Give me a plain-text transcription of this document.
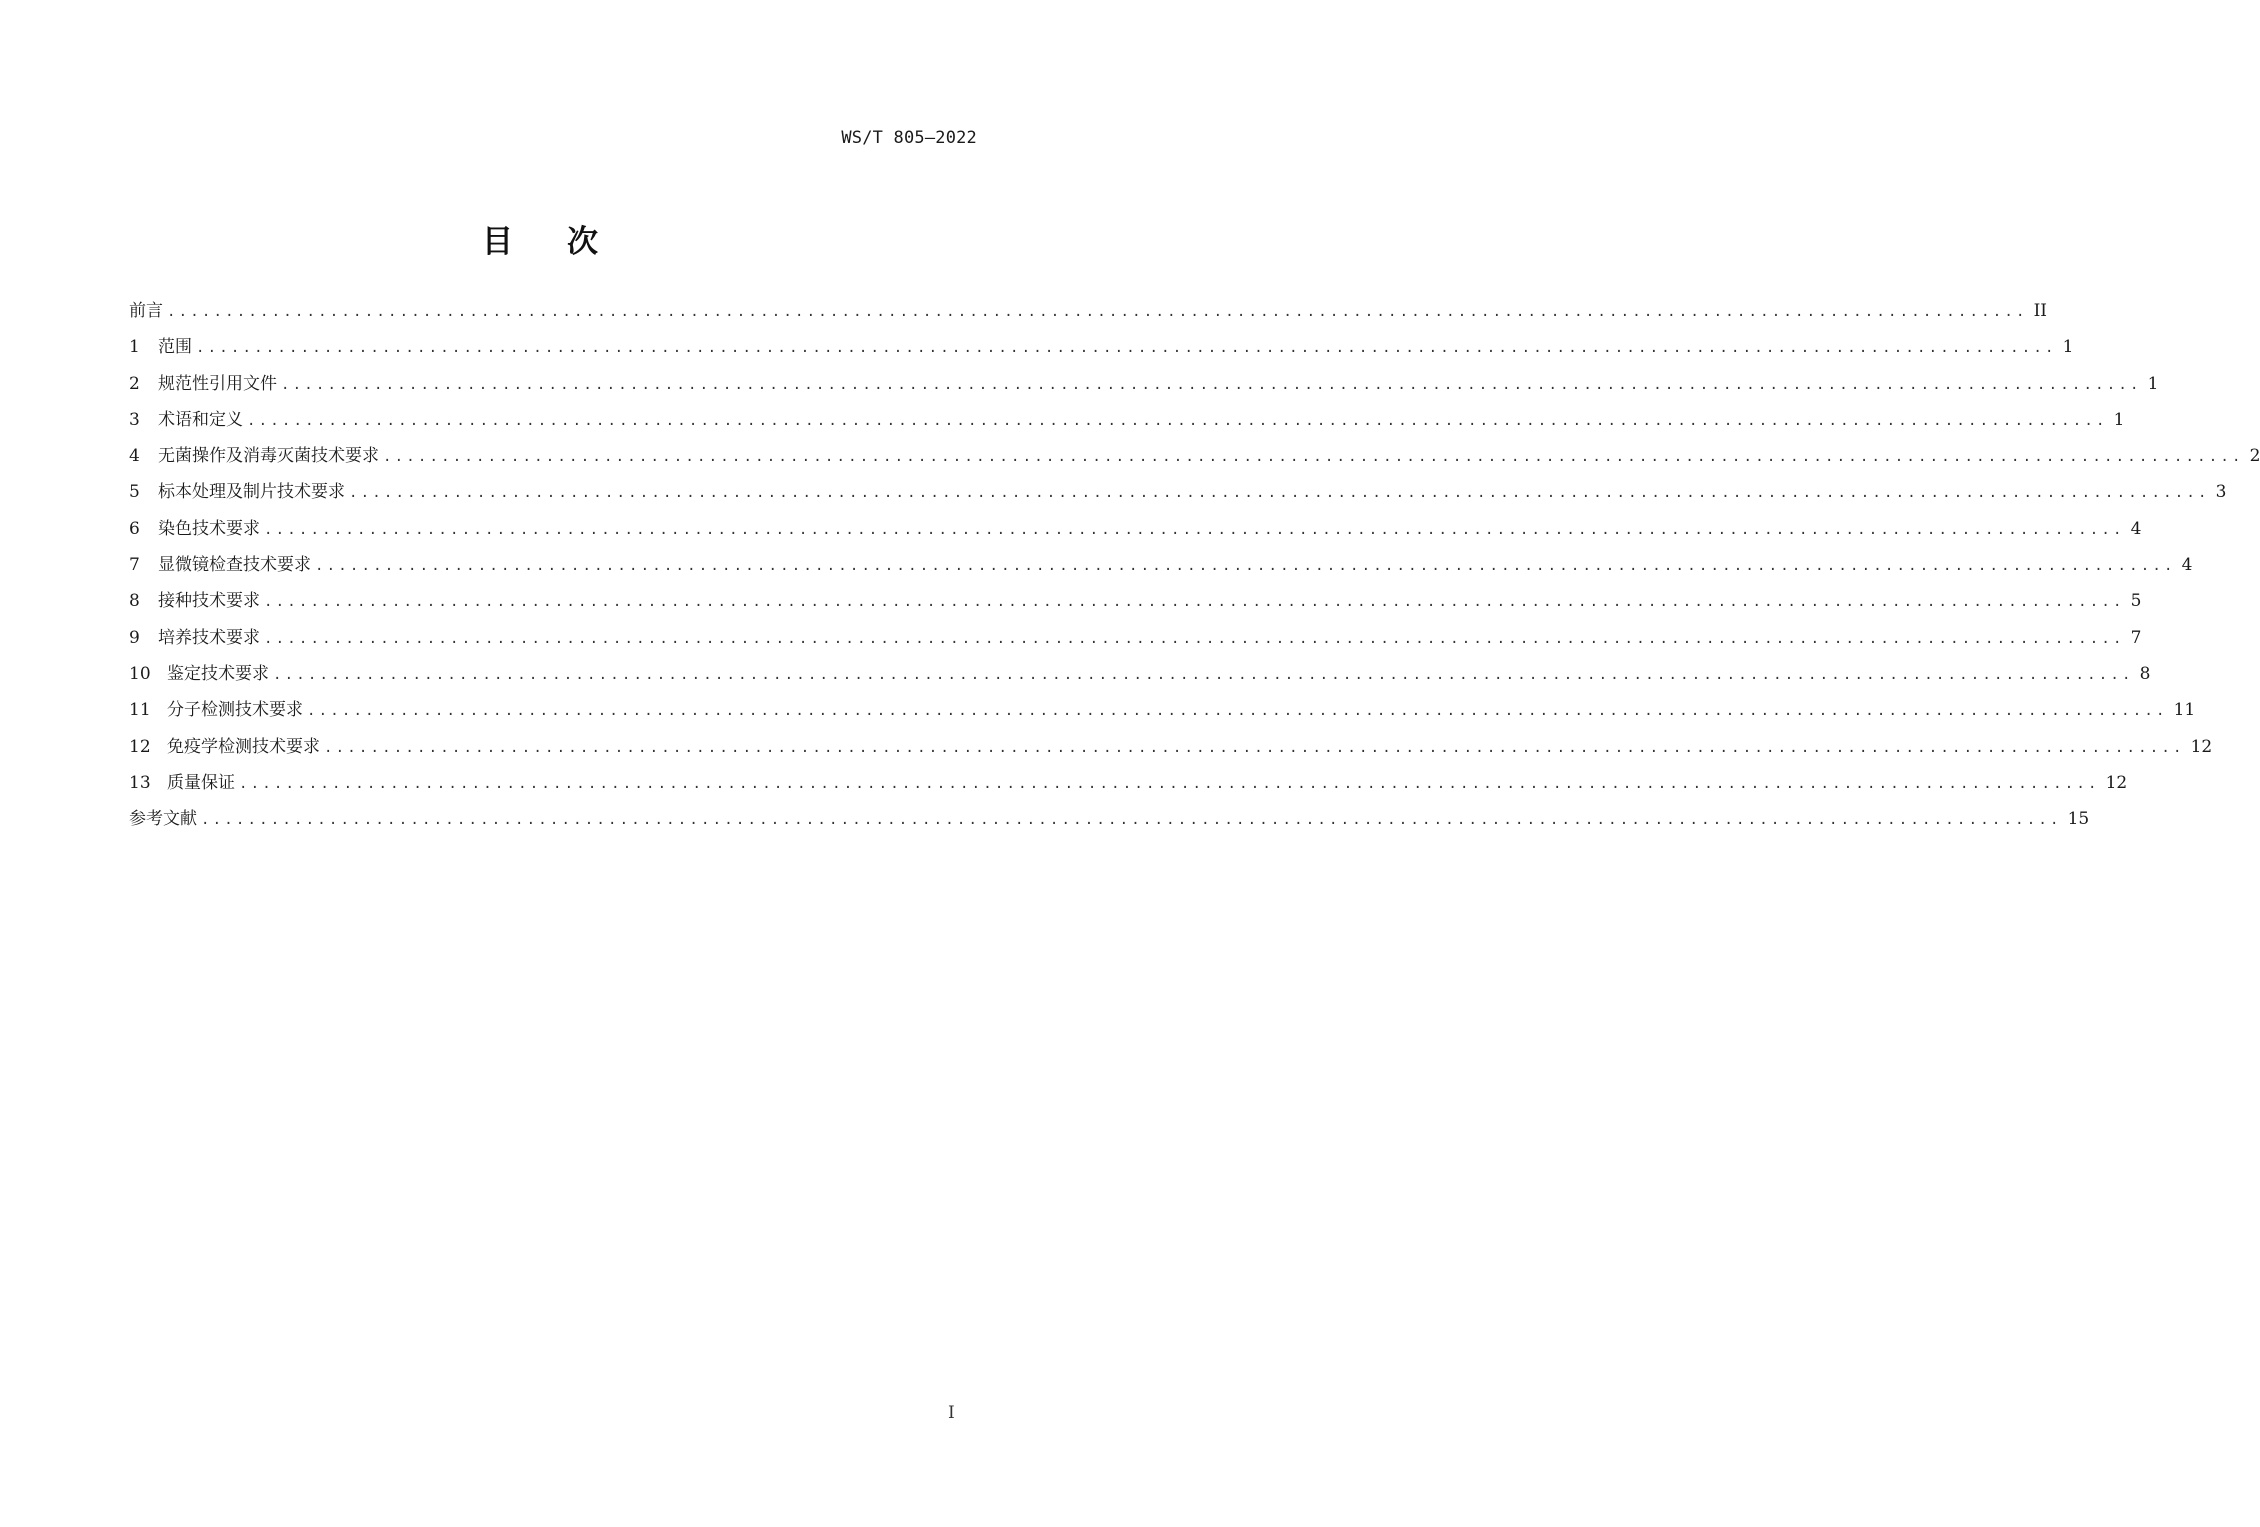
WS/T 805—2022
目次
前言 ................................................................................................................................................................ II
1	范围 ................................................................................................................................................................ 1
2	规范性引用文件 ................................................................................................................................................................ 1
3	术语和定义 ................................................................................................................................................................ 1
4	无菌操作及消毒灭菌技术要求 ................................................................................................................................................................ 2
5	标本处理及制片技术要求 ................................................................................................................................................................ 3
6	染色技术要求 ................................................................................................................................................................ 4
7	显微镜检查技术要求 ................................................................................................................................................................ 4
8	接种技术要求 ................................................................................................................................................................ 5
9	培养技术要求 ................................................................................................................................................................ 7
10 鉴定技术要求 ................................................................................................................................................................ 8
11 分子检测技术要求 ................................................................................................................................................................ 11
12 免疫学检测技术要求 ................................................................................................................................................................ 12
13 质量保证 ................................................................................................................................................................ 12
参考文献 ................................................................................................................................................................ 15
I
